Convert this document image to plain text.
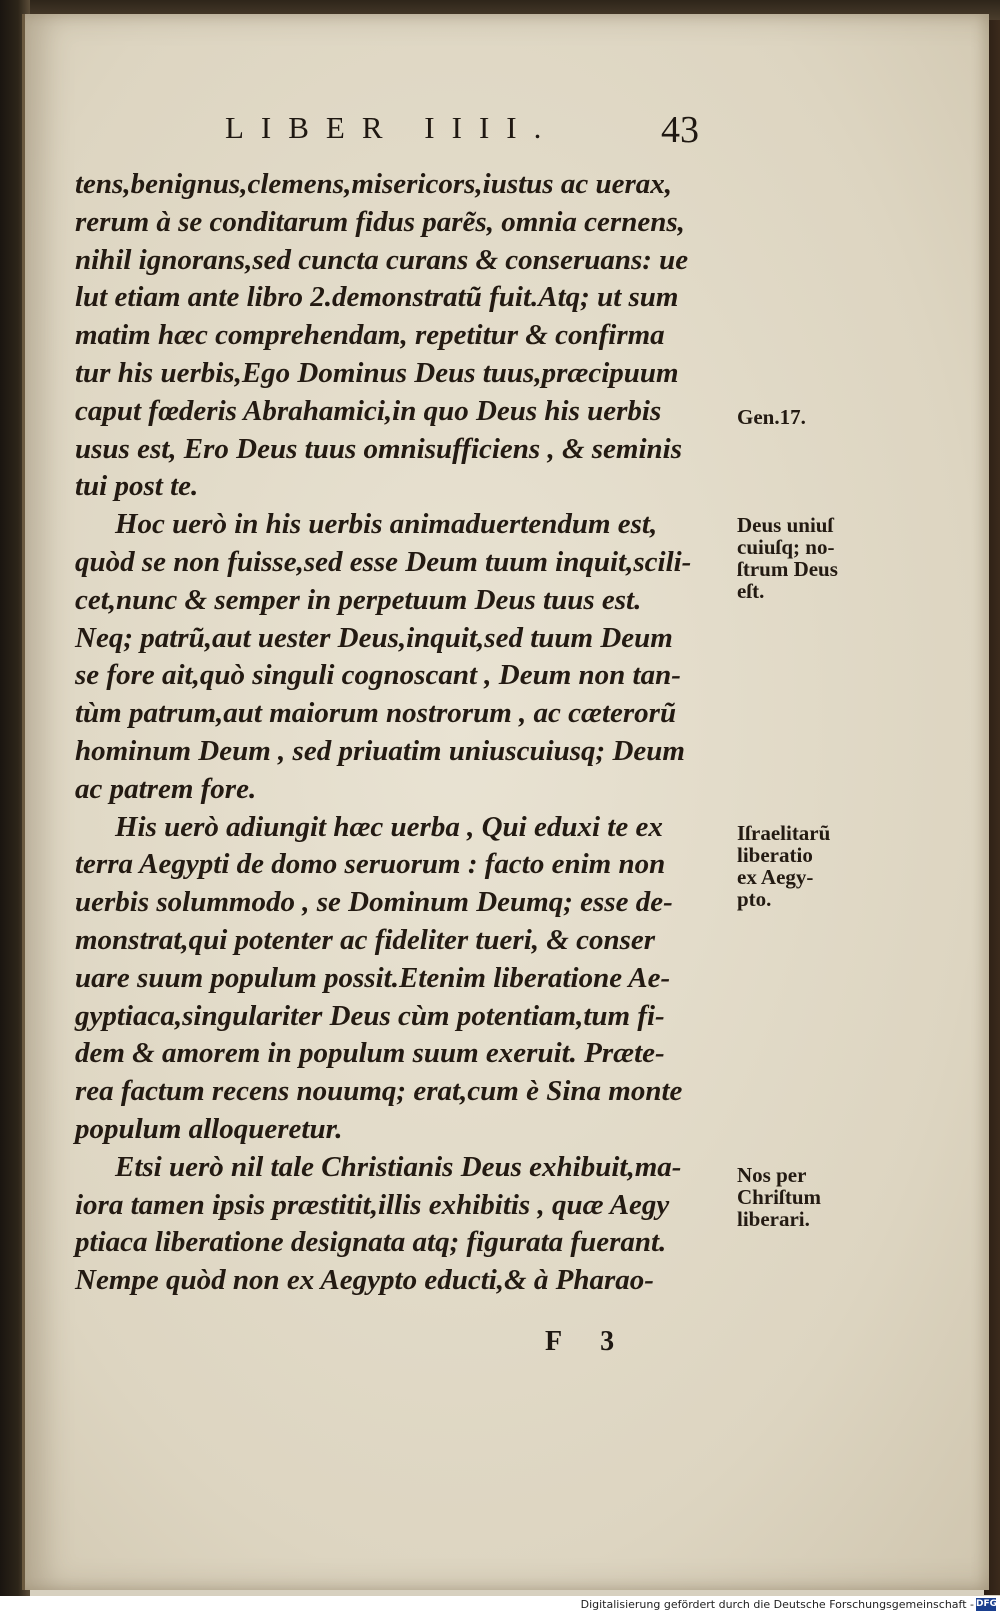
LIBER IIII.	43
tens,benignus,clemens,misericors,iustus ac uerax,
rerum à se conditarum fidus parẽs, omnia cernens,
nihil ignorans,sed cuncta curans & conseruans: ue
lut etiam ante libro 2.demonstratũ fuit.Atq; ut sum
matim hæc comprehendam, repetitur & confirma
tur his uerbis,Ego Dominus Deus tuus,præcipuum
caput fœderis Abrahamici,in quo Deus his uerbis
usus est, Ero Deus tuus omnisufficiens , & seminis
tui post te.
Hoc uerò in his uerbis animaduertendum est,
quòd se non fuisse,sed esse Deum tuum inquit,scili-
cet,nunc & semper in perpetuum Deus tuus est.
Neq; patrũ,aut uester Deus,inquit,sed tuum Deum
se fore ait,quò singuli cognoscant , Deum non tan-
tùm patrum,aut maiorum nostrorum , ac cæterorũ
hominum Deum , sed priuatim uniuscuiusq; Deum
ac patrem fore.
His uerò adiungit hæc uerba , Qui eduxi te ex
terra Aegypti de domo seruorum : facto enim non
uerbis solummodo , se Dominum Deumq; esse de-
monstrat,qui potenter ac fideliter tueri, & conser
uare suum populum possit.Etenim liberatione Ae-
gyptiaca,singulariter Deus cùm potentiam,tum fi-
dem & amorem in populum suum exeruit. Præte-
rea factum recens nouumq; erat,cum è Sina monte
populum alloqueretur.
Etsi uerò nil tale Christianis Deus exhibuit,ma-
iora tamen ipsis præstitit,illis exhibitis , quæ Aegy
ptiaca liberatione designata atq; figurata fuerant.
Nempe quòd non ex Aegypto educti,& à Pharao-
Gen.17.
Deus uniuſ
cuiuſq; no-
ſtrum Deus
eſt.
Iſraelitarũ
liberatio
ex Aegy-
pto.
Nos per
Chriſtum
liberari.
F 3
Digitalisierung gefördert durch die Deutsche Forschungsgemeinschaft - DFG
